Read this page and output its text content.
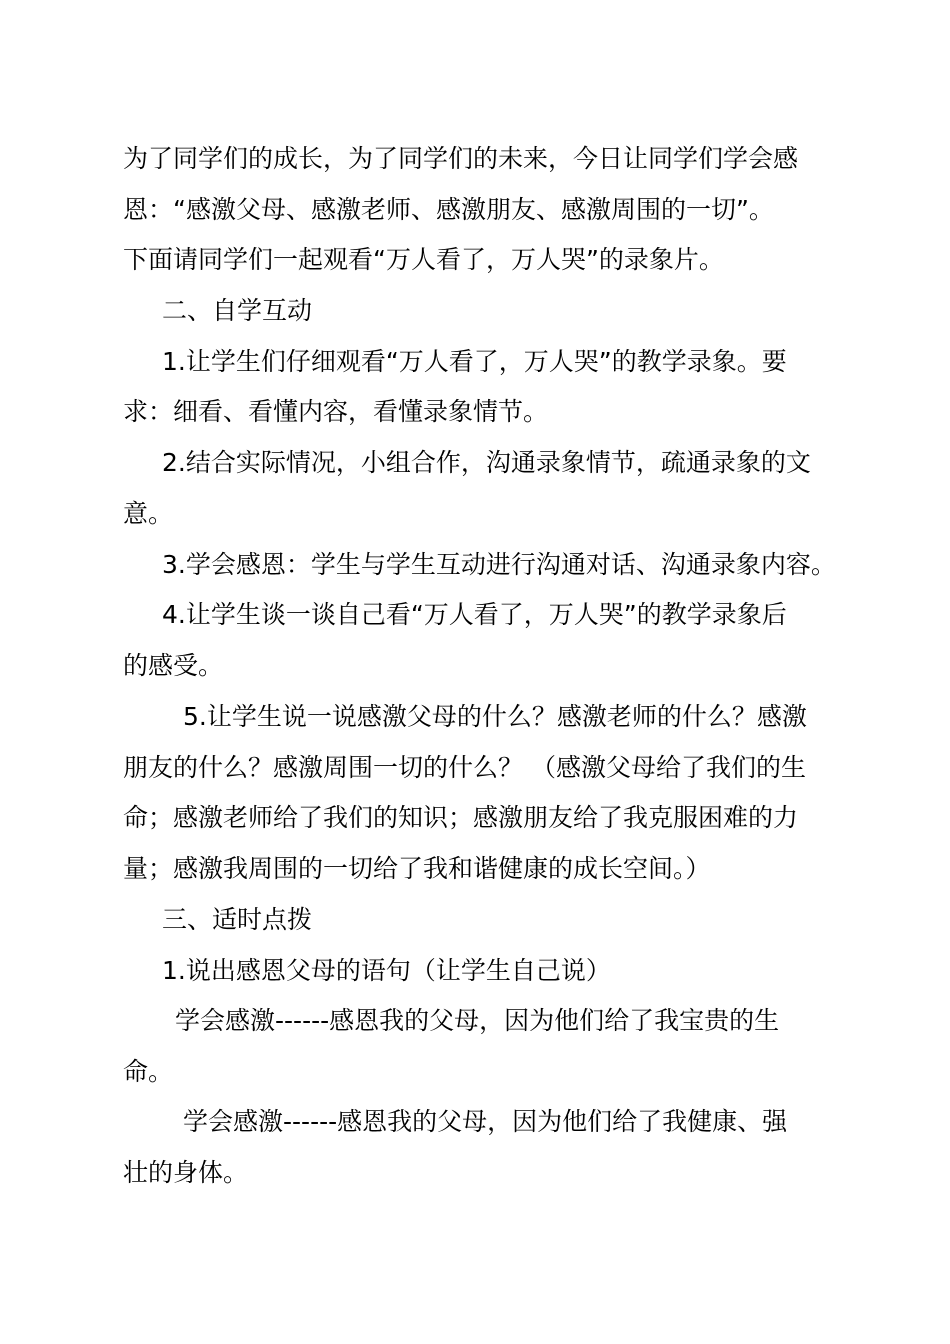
为了同学们的成长，为了同学们的未来，今日让同学们学会感
恩：“感激父母、感激老师、感激朋友、感激周围的一切”。
下面请同学们一起观看“万人看了，万人哭”的录象片。
二、自学互动
1.让学生们仔细观看“万人看了，万人哭”的教学录象。要
求：细看、看懂内容，看懂录象情节。
2.结合实际情况，小组合作，沟通录象情节，疏通录象的文
意。
3.学会感恩：学生与学生互动进行沟通对话、沟通录象内容。
4.让学生谈一谈自己看“万人看了，万人哭”的教学录象后
的感受。
5.让学生说一说感激父母的什么？感激老师的什么？感激
朋友的什么？感激周围一切的什么？ （感激父母给了我们的生
命；感激老师给了我们的知识；感激朋友给了我克服困难的力
量；感激我周围的一切给了我和谐健康的成长空间。）
三、适时点拨
1.说出感恩父母的语句（让学生自己说）
学会感激------感恩我的父母，因为他们给了我宝贵的生
命。
学会感激------感恩我的父母，因为他们给了我健康、强
壮的身体。
